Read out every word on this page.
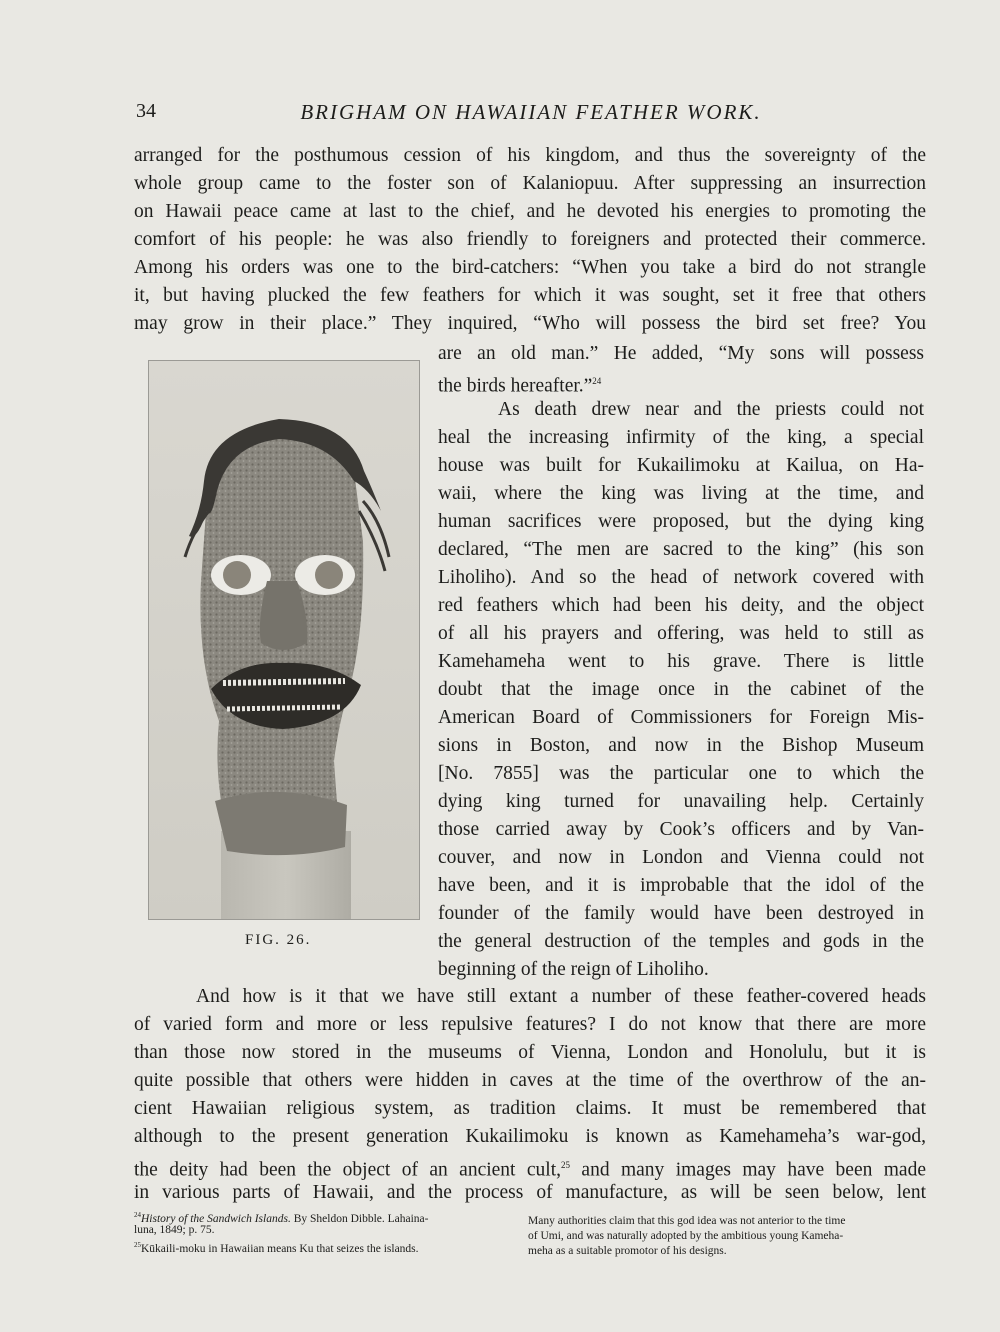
34	BRIGHAM ON HAWAIIAN FEATHER WORK.
arranged for the posthumous cession of his kingdom, and thus the sovereignty of the
whole group came to the foster son of Kalaniopuu. After suppressing an insurrection
on Hawaii peace came at last to the chief, and he devoted his energies to promoting the
comfort of his people: he was also friendly to foreigners and protected their commerce.
Among his orders was one to the bird-catchers: “When you take a bird do not strangle
it, but having plucked the few feathers for which it was sought, set it free that others
may grow in their place.” They inquired, “Who will possess the bird set free? You
FIG. 26.
are an old man.” He added, “My sons will possess
the birds hereafter.”$^{24}$
As death drew near and the priests could not
heal the increasing infirmity of the king, a special
house was built for Kukailimoku at Kailua, on Ha-
waii, where the king was living at the time, and
human sacrifices were proposed, but the dying king
declared, “The men are sacred to the king” (his son
Liholiho). And so the head of network covered with
red feathers which had been his deity, and the object
of all his prayers and offering, was held to still as
Kamehameha went to his grave. There is little
doubt that the image once in the cabinet of the
American Board of Commissioners for Foreign Mis-
sions in Boston, and now in the Bishop Museum
[No. 7855] was the particular one to which the
dying king turned for unavailing help. Certainly
those carried away by Cook’s officers and by Van-
couver, and now in London and Vienna could not
have been, and it is improbable that the idol of the
founder of the family would have been destroyed in
the general destruction of the temples and gods in the
beginning of the reign of Liholiho.
And how is it that we have still extant a number of these feather-covered heads
of varied form and more or less repulsive features? I do not know that there are more
than those now stored in the museums of Vienna, London and Honolulu, but it is
quite possible that others were hidden in caves at the time of the overthrow of the an-
cient Hawaiian religious system, as tradition claims. It must be remembered that
although to the present generation Kukailimoku is known as Kamehameha’s war-god,
the deity had been the object of an ancient cult,$^{25}$ and many images may have been made
in various parts of Hawaii, and the process of manufacture, as will be seen below, lent
$^{24}$History of the Sandwich Islands. By Sheldon Dibble. Lahaina-
luna, 1849; p. 75.
$^{25}$Kūkaili-moku in Hawaiian means Ku that seizes the islands.
Many authorities claim that this god idea was not anterior to the time
of Umi, and was naturally adopted by the ambitious young Kameha-
meha as a suitable promotor of his designs.
